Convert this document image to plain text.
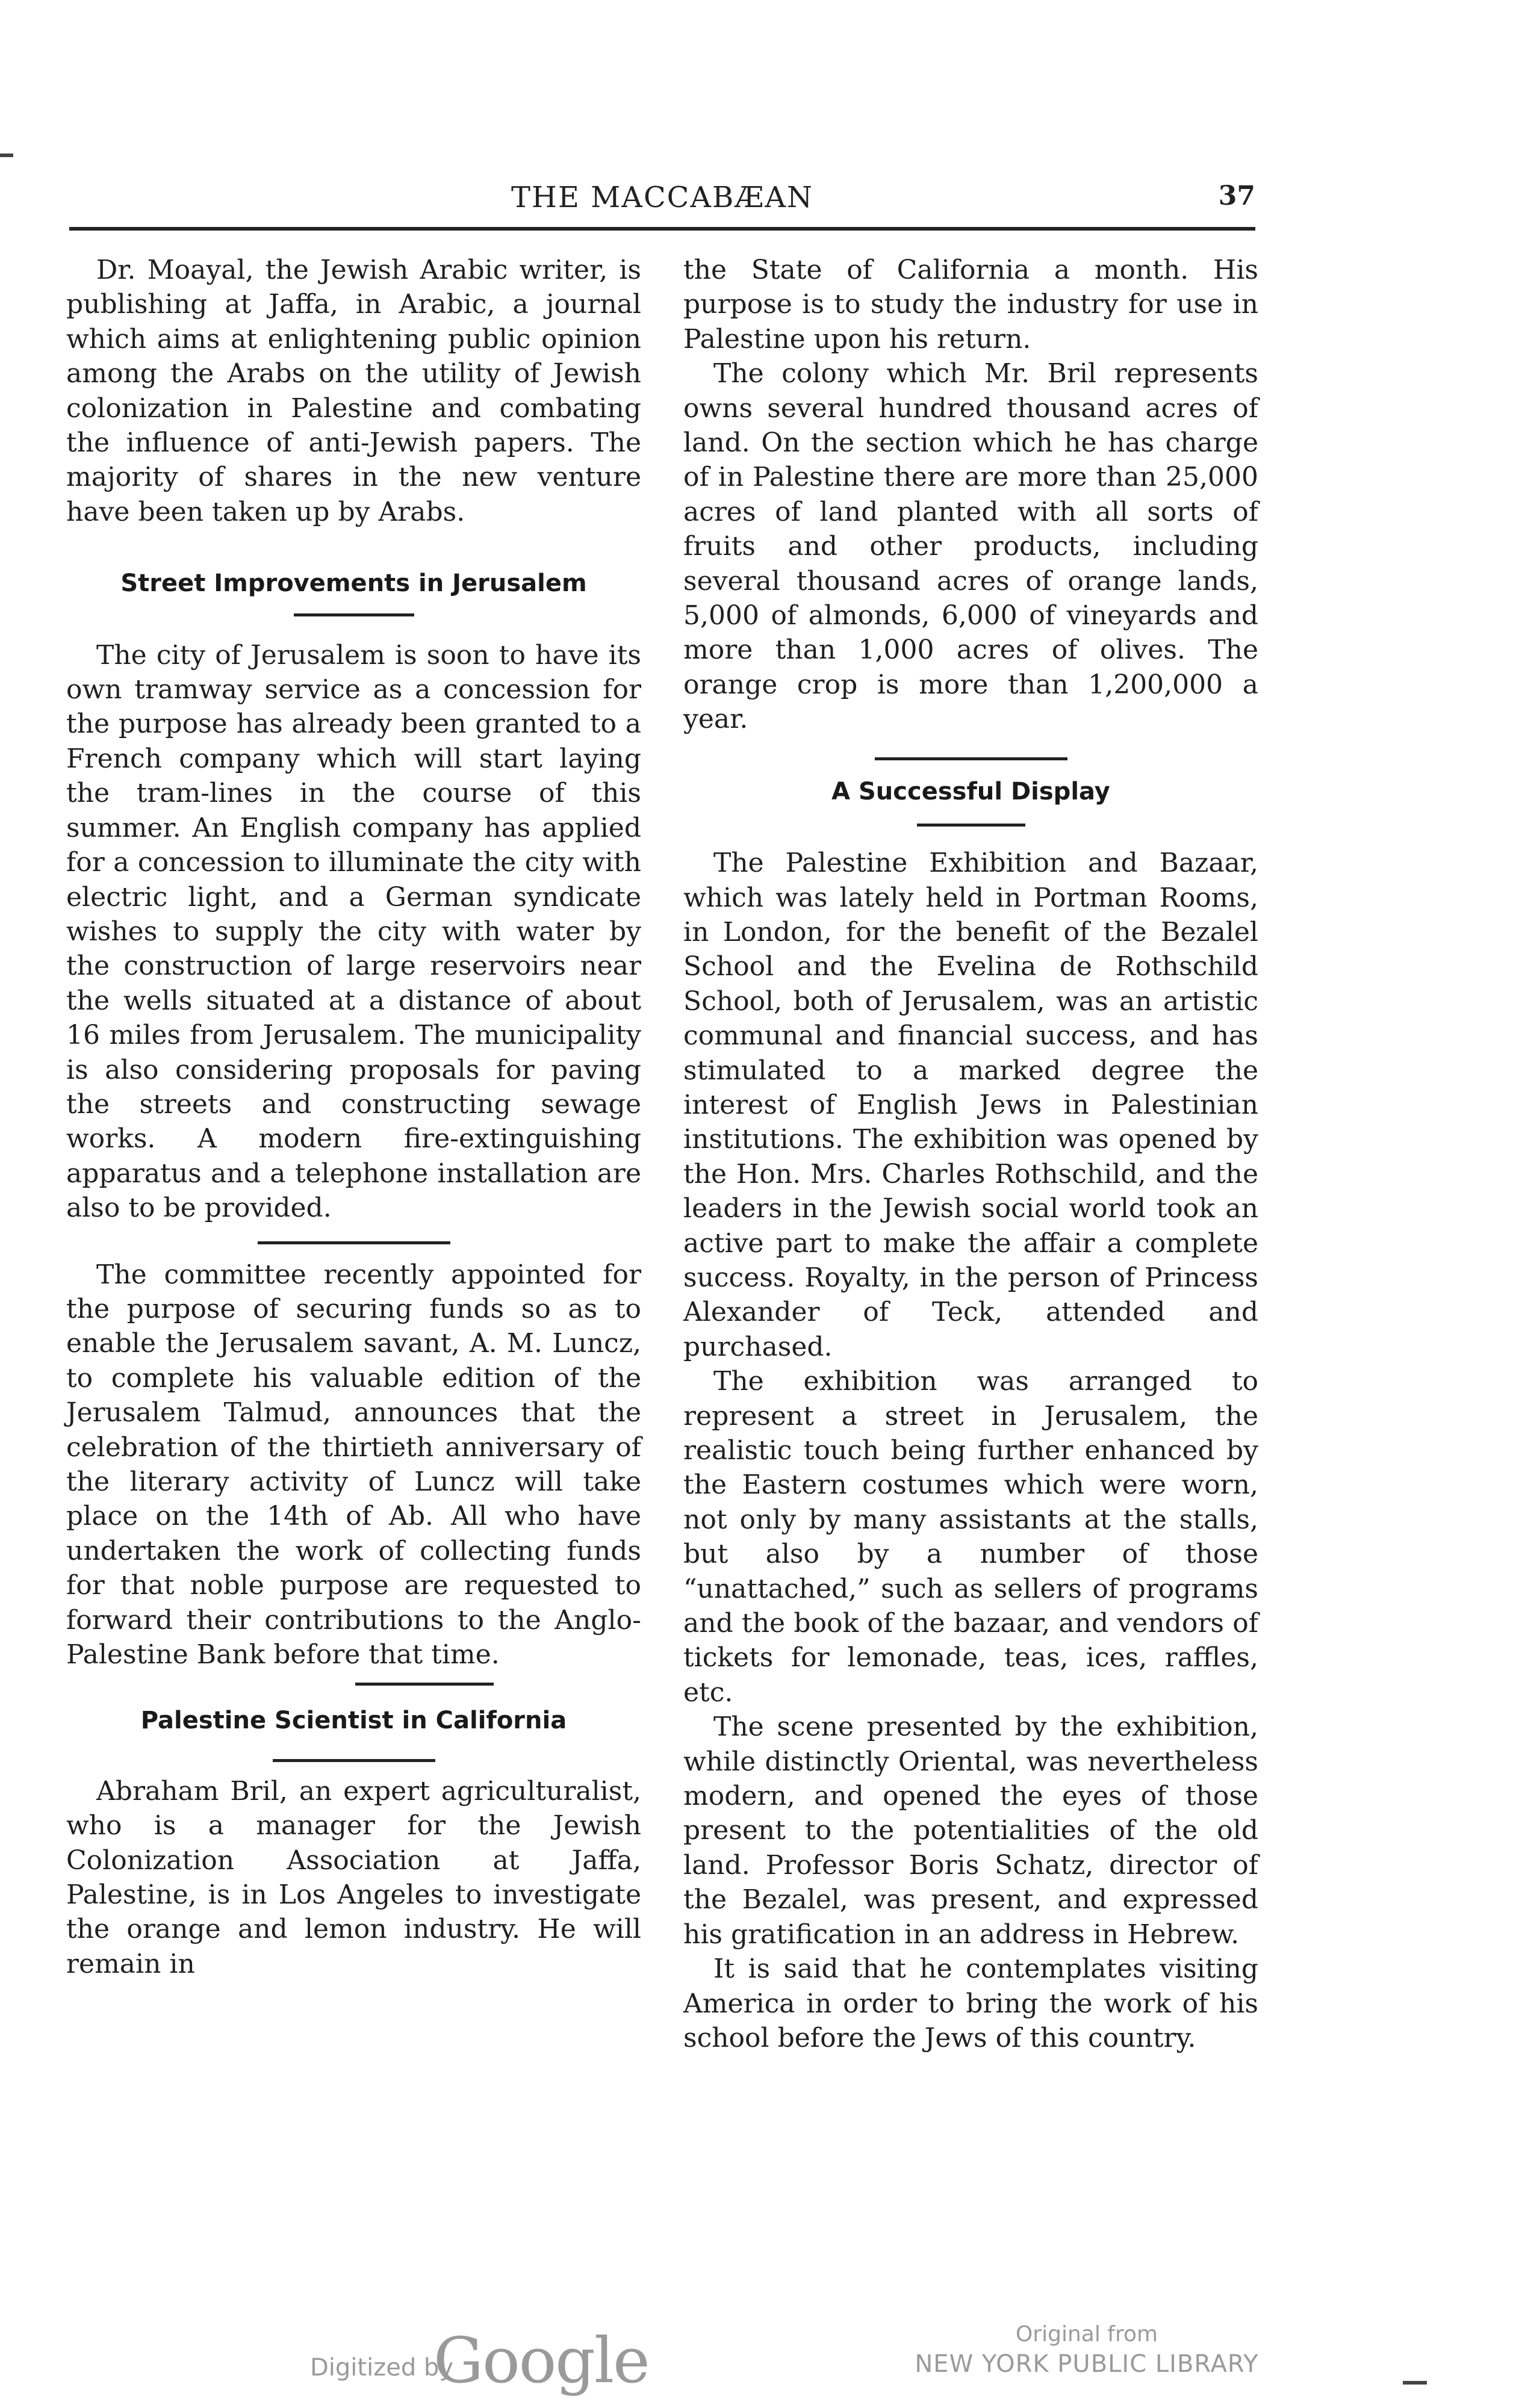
THE MACCABÆAN	37

Dr. Moayal, the Jewish Arabic writer, is publishing at Jaffa, in Arabic, a journal which aims at enlightening public opinion among the Arabs on the utility of Jewish colonization in Palestine and combating the influence of anti-Jewish papers. The majority of shares in the new venture have been taken up by Arabs.

Street Improvements in Jerusalem

The city of Jerusalem is soon to have its own tramway service as a concession for the purpose has already been granted to a French company which will start laying the tram-lines in the course of this summer. An English company has applied for a concession to illuminate the city with electric light, and a German syndicate wishes to supply the city with water by the construction of large reservoirs near the wells situated at a distance of about 16 miles from Jerusalem. The municipality is also considering proposals for paving the streets and constructing sewage works. A modern fire-extinguishing apparatus and a telephone installation are also to be provided.

The committee recently appointed for the purpose of securing funds so as to enable the Jerusalem savant, A. M. Luncz, to complete his valuable edition of the Jerusalem Talmud, announces that the celebration of the thirtieth anniversary of the literary activity of Luncz will take place on the 14th of Ab. All who have undertaken the work of collecting funds for that noble purpose are requested to forward their contributions to the Anglo-Palestine Bank before that time.

Palestine Scientist in California

Abraham Bril, an expert agriculturalist, who is a manager for the Jewish Colonization Association at Jaffa, Palestine, is in Los Angeles to investigate the orange and lemon industry. He will remain in

the State of California a month. His purpose is to study the industry for use in Palestine upon his return.

The colony which Mr. Bril represents owns several hundred thousand acres of land. On the section which he has charge of in Palestine there are more than 25,000 acres of land planted with all sorts of fruits and other products, including several thousand acres of orange lands, 5,000 of almonds, 6,000 of vineyards and more than 1,000 acres of olives. The orange crop is more than 1,200,000 a year.

A Successful Display

The Palestine Exhibition and Bazaar, which was lately held in Portman Rooms, in London, for the benefit of the Bezalel School and the Evelina de Rothschild School, both of Jerusalem, was an artistic communal and financial success, and has stimulated to a marked degree the interest of English Jews in Palestinian institutions. The exhibition was opened by the Hon. Mrs. Charles Rothschild, and the leaders in the Jewish social world took an active part to make the affair a complete success. Royalty, in the person of Princess Alexander of Teck, attended and purchased.

The exhibition was arranged to represent a street in Jerusalem, the realistic touch being further enhanced by the Eastern costumes which were worn, not only by many assistants at the stalls, but also by a number of those “unattached,” such as sellers of programs and the book of the bazaar, and vendors of tickets for lemonade, teas, ices, raffles, etc.

The scene presented by the exhibition, while distinctly Oriental, was nevertheless modern, and opened the eyes of those present to the potentialities of the old land. Professor Boris Schatz, director of the Bezalel, was present, and expressed his gratification in an address in Hebrew.

It is said that he contemplates visiting America in order to bring the work of his school before the Jews of this country.

Digitized by
Google	Original from
NEW YORK PUBLIC LIBRARY
